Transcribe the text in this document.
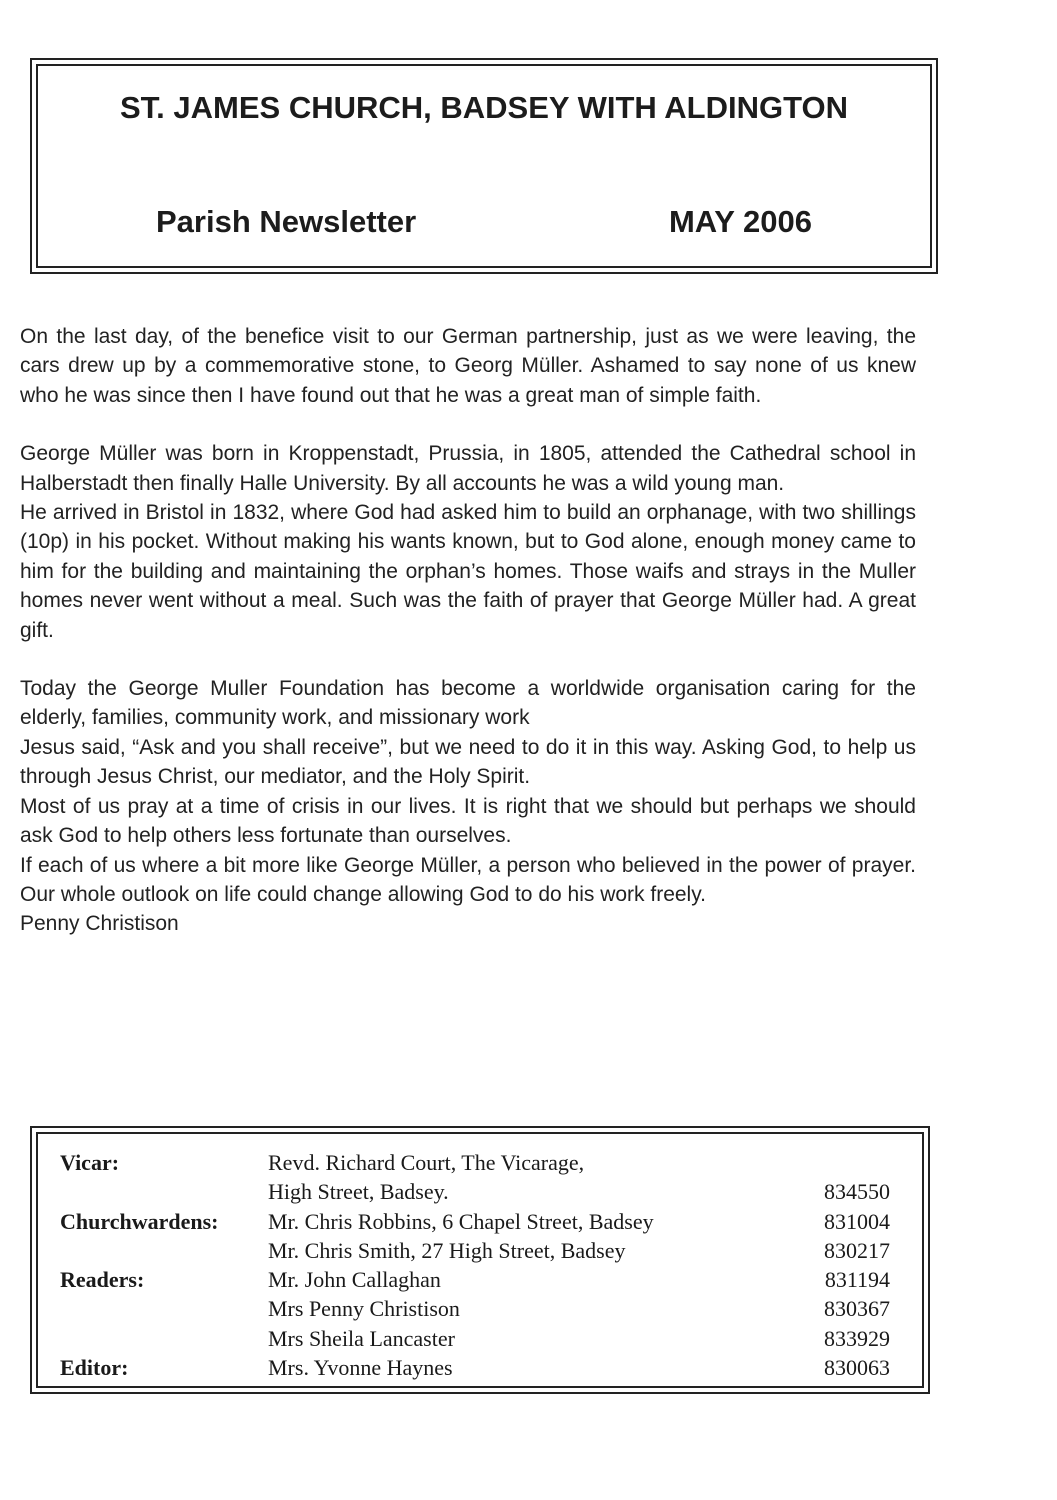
ST. JAMES CHURCH, BADSEY WITH ALDINGTON
Parish Newsletter	MAY 2006

On the last day, of the benefice visit to our German partnership, just as we were leaving, the cars drew up by a commemorative stone, to Georg Müller. Ashamed to say none of us knew who he was since then I have found out that he was a great man of simple faith.

George Müller was born in Kroppenstadt, Prussia, in 1805, attended the Cathedral school in Halberstadt then finally Halle University. By all accounts he was a wild young man.

He arrived in Bristol in 1832, where God had asked him to build an orphanage, with two shillings (10p) in his pocket. Without making his wants known, but to God alone, enough money came to him for the building and maintaining the orphan’s homes. Those waifs and strays in the Muller homes never went without a meal. Such was the faith of prayer that George Müller had. A great gift.

Today the George Muller Foundation has become a worldwide organisation caring for the elderly, families, community work, and missionary work

Jesus said, “Ask and you shall receive”, but we need to do it in this way. Asking God, to help us through Jesus Christ, our mediator, and the Holy Spirit.

Most of us pray at a time of crisis in our lives. It is right that we should but perhaps we should ask God to help others less fortunate than ourselves.

If each of us where a bit more like George Müller, a person who believed in the power of prayer. Our whole outlook on life could change allowing God to do his work freely.

Penny Christison

Vicar:	Revd. Richard Court, The Vicarage,
High Street, Badsey.	834550
Churchwardens:	Mr. Chris Robbins, 6 Chapel Street, Badsey	831004
Mr. Chris Smith, 27 High Street, Badsey	830217
Readers:	Mr. John Callaghan	831194
Mrs Penny Christison	830367
Mrs Sheila Lancaster	833929
Editor:	Mrs. Yvonne Haynes	830063
